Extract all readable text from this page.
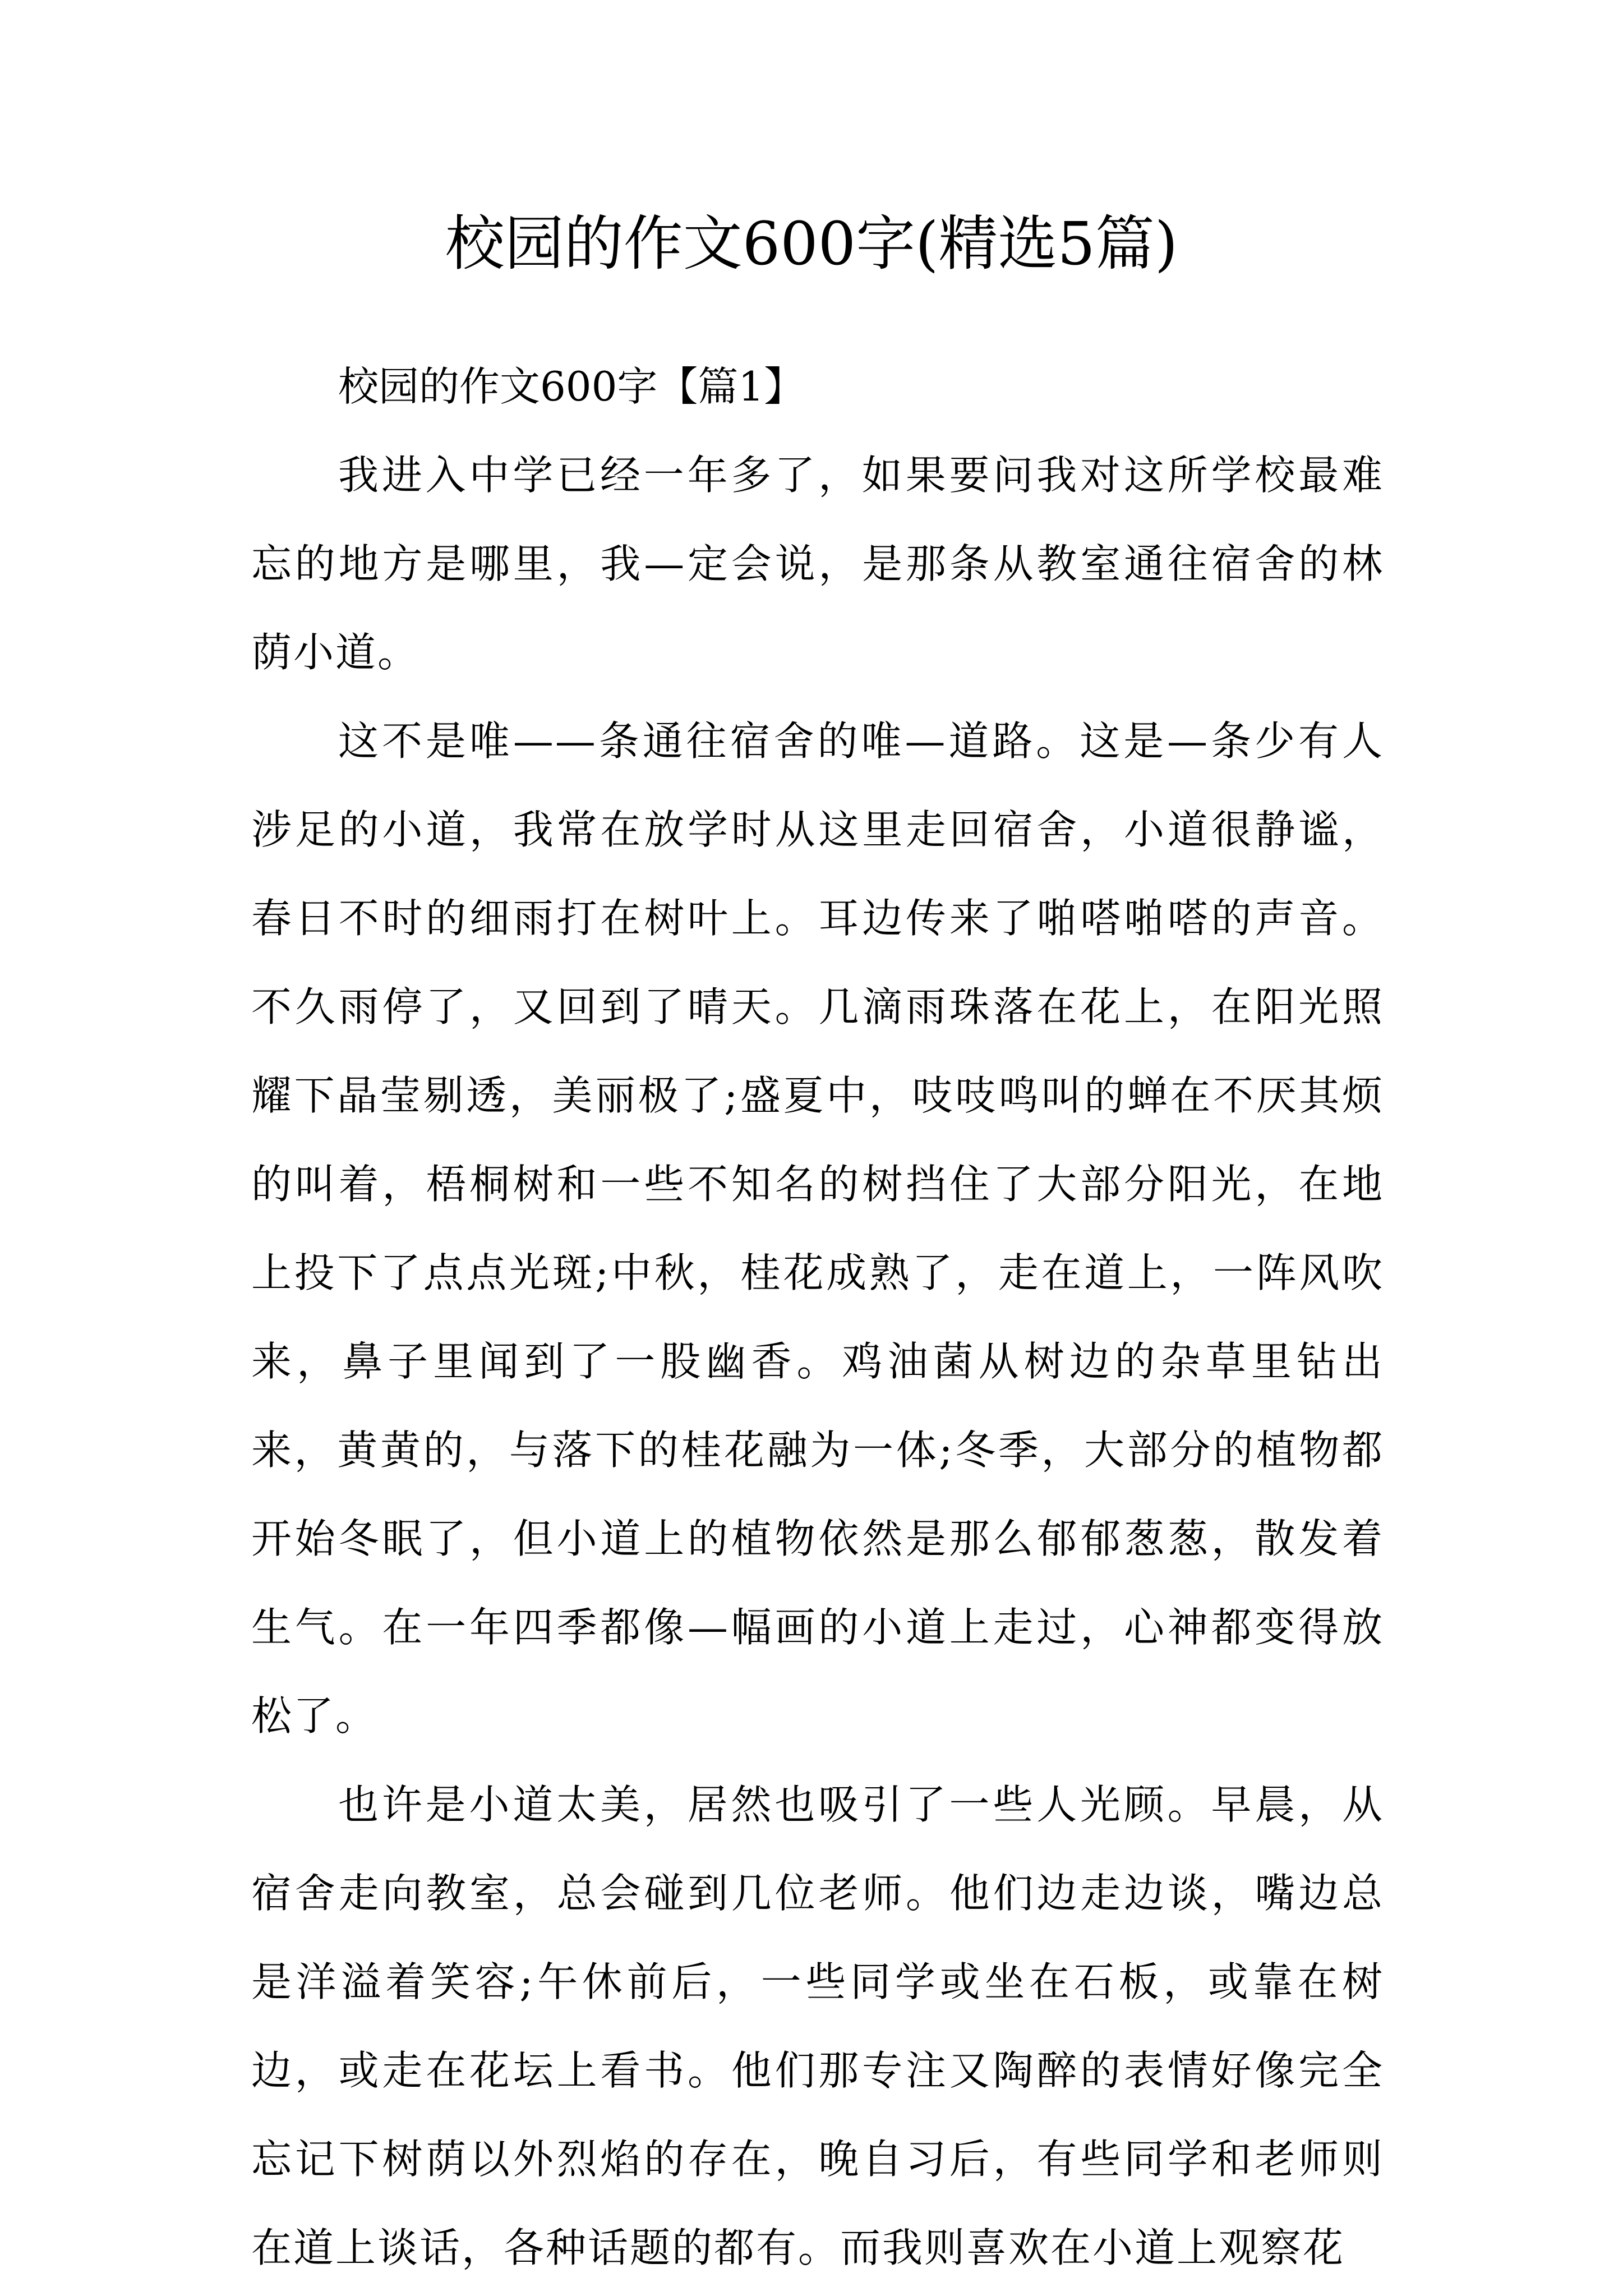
校园的作文600字(精选5篇)

校园的作文600字【篇1】

我进入中学已经一年多了，如果要问我对这所学校最难忘的地方是哪里，我—定会说，是那条从教室通往宿舍的林荫小道。

这不是唯——条通往宿舍的唯—道路。这是—条少有人涉足的小道，我常在放学时从这里走回宿舍，小道很静谧，春日不时的细雨打在树叶上。耳边传来了啪嗒啪嗒的声音。不久雨停了，又回到了晴天。几滴雨珠落在花上，在阳光照耀下晶莹剔透，美丽极了;盛夏中，吱吱鸣叫的蝉在不厌其烦的叫着，梧桐树和一些不知名的树挡住了大部分阳光，在地上投下了点点光斑;中秋，桂花成熟了，走在道上，一阵风吹来，鼻子里闻到了一股幽香。鸡油菌从树边的杂草里钻出来，黄黄的，与落下的桂花融为一体;冬季，大部分的植物都开始冬眠了，但小道上的植物依然是那么郁郁葱葱，散发着生气。在一年四季都像—幅画的小道上走过，心神都变得放松了。

也许是小道太美，居然也吸引了一些人光顾。早晨，从宿舍走向教室，总会碰到几位老师。他们边走边谈，嘴边总是洋溢着笑容;午休前后，一些同学或坐在石板，或靠在树边，或走在花坛上看书。他们那专注又陶醉的表情好像完全忘记下树荫以外烈焰的存在，晚自习后，有些同学和老师则在道上谈话，各种话题的都有。而我则喜欢在小道上观察花
